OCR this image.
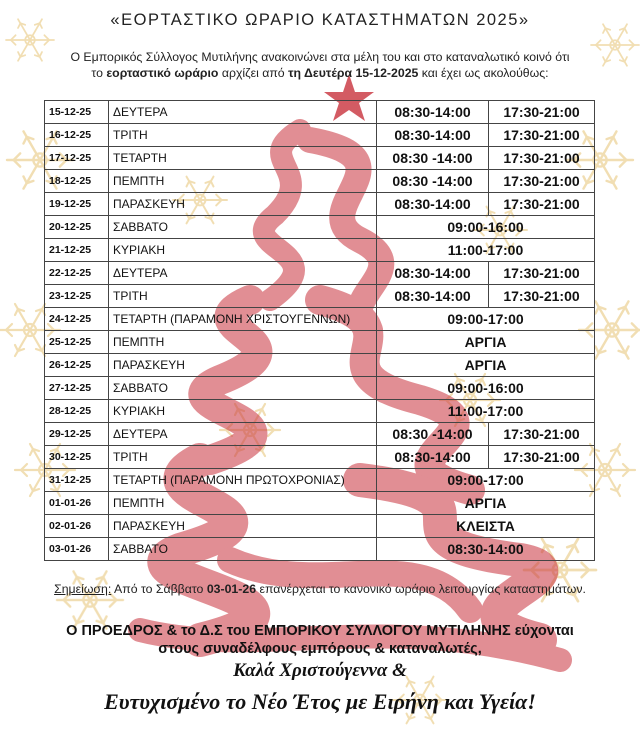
«ΕΟΡΤΑΣΤΙΚΟ ΩΡΑΡΙΟ ΚΑΤΑΣΤΗΜΑΤΩΝ 2025»
Ο Εμπορικός Σύλλογος Μυτιλήνης ανακοινώνει στα μέλη του και στο καταναλωτικό κοινό ότι
το εορταστικό ωράριο αρχίζει από τη Δευτέρα 15-12-2025 και έχει ως ακολούθως:
15-12-25	ΔΕΥΤΕΡΑ	08:30-14:00	17:30-21:00
16-12-25	ΤΡΙΤΗ	08:30-14:00	17:30-21:00
17-12-25	ΤΕΤΑΡΤΗ	08:30 -14:00	17:30-21:00
18-12-25	ΠΕΜΠΤΗ	08:30 -14:00	17:30-21:00
19-12-25	ΠΑΡΑΣΚΕΥΗ	08:30-14:00	17:30-21:00
20-12-25	ΣΑΒΒΑΤΟ	09:00-16:00	
21-12-25	ΚΥΡΙΑΚΗ	11:00-17:00	
22-12-25	ΔΕΥΤΕΡΑ	08:30-14:00	17:30-21:00
23-12-25	ΤΡΙΤΗ	08:30-14:00	17:30-21:00
24-12-25	ΤΕΤΑΡΤΗ (ΠΑΡΑΜΟΝΗ ΧΡΙΣΤΟΥΓΕΝΝΩΝ)	09:00-17:00	
25-12-25	ΠΕΜΠΤΗ	ΑΡΓΙΑ	
26-12-25	ΠΑΡΑΣΚΕΥΗ	ΑΡΓΙΑ	
27-12-25	ΣΑΒΒΑΤΟ	09:00-16:00	
28-12-25	ΚΥΡΙΑΚΗ	11:00-17:00	
29-12-25	ΔΕΥΤΕΡΑ	08:30 -14:00	17:30-21:00
30-12-25	ΤΡΙΤΗ	08:30-14:00	17:30-21:00
31-12-25	ΤΕΤΑΡΤΗ (ΠΑΡΑΜΟΝΗ ΠΡΩΤΟΧΡΟΝΙΑΣ)	09:00-17:00	
01-01-26	ΠΕΜΠΤΗ	ΑΡΓΙΑ	
02-01-26	ΠΑΡΑΣΚΕΥΗ	ΚΛΕΙΣΤΑ	
03-01-26	ΣΑΒΒΑΤΟ	08:30-14:00	
Σημείωση: Από το Σάββατο 03-01-26 επανέρχεται το κανονικό ωράριο λειτουργίας καταστημάτων.
Ο ΠΡΟΕΔΡΟΣ & το Δ.Σ του ΕΜΠΟΡΙΚΟΥ ΣΥΛΛΟΓΟΥ ΜΥΤΙΛΗΝΗΣ εύχονται
στους συναδέλφους εμπόρους & καταναλωτές,
Καλά Χριστούγεννα &
Ευτυχισμένο το Νέο Έτος με Ειρήνη και Υγεία!
